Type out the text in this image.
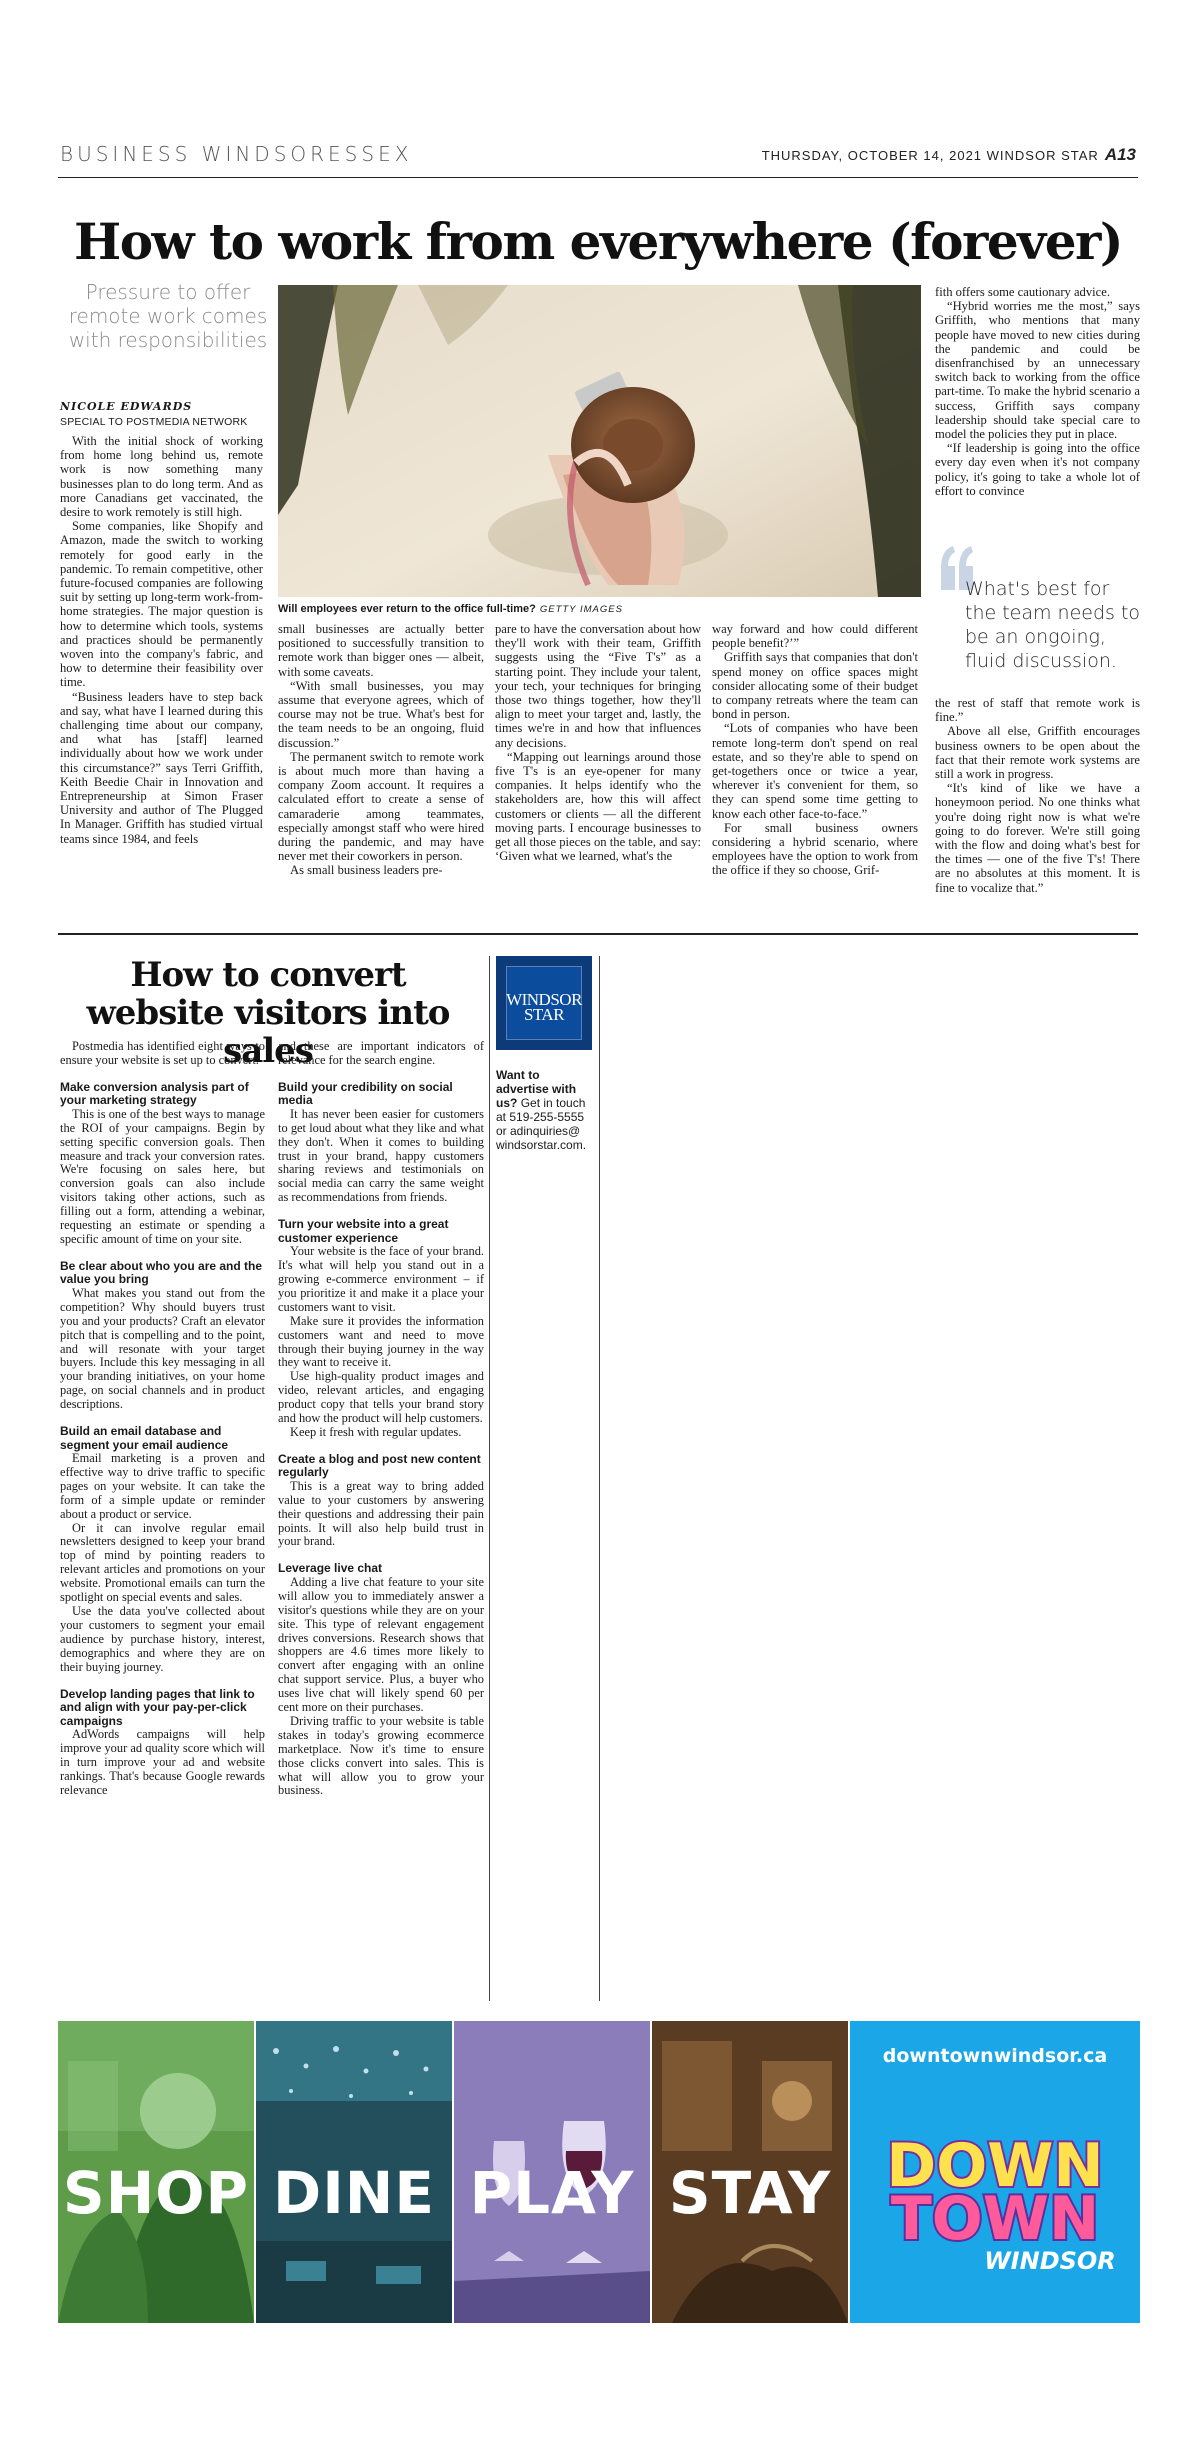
BUSINESS WINDSORESSEX	THURSDAY, OCTOBER 14, 2021 WINDSOR STAR A13
How to work from everywhere (forever)
Pressure to offer remote work comes with responsibilities
NICOLE EDWARDS
SPECIAL TO POSTMEDIA NETWORK

With the initial shock of working from home long behind us, remote work is now something many businesses plan to do long term. And as more Canadians get vaccinated, the desire to work remotely is still high.

Some companies, like Shopify and Amazon, made the switch to working remotely for good early in the pandemic. To remain competitive, other future-focused companies are following suit by setting up long-term work-from-home strategies. The major question is how to determine which tools, systems and practices should be permanently woven into the company's fabric, and how to determine their feasibility over time.

“Business leaders have to step back and say, what have I learned during this challenging time about our company, and what has [staff] learned individually about how we work under this circumstance?” says Terri Griffith, Keith Beedie Chair in Innovation and Entrepreneurship at Simon Fraser University and author of The Plugged In Manager. Griffith has studied virtual teams since 1984, and feels

Will employees ever return to the office full-time? GETTY IMAGES

small businesses are actually better positioned to successfully transition to remote work than bigger ones — albeit, with some caveats.

“With small businesses, you may assume that everyone agrees, which of course may not be true. What's best for the team needs to be an ongoing, fluid discussion.”

The permanent switch to remote work is about much more than having a company Zoom account. It requires a calculated effort to create a sense of camaraderie among teammates, especially amongst staff who were hired during the pandemic, and may have never met their coworkers in person.

As small business leaders pre-

pare to have the conversation about how they'll work with their team, Griffith suggests using the “Five T's” as a starting point. They include your talent, your tech, your techniques for bringing those two things together, how they'll align to meet your target and, lastly, the times we're in and how that influences any decisions.

“Mapping out learnings around those five T's is an eye-opener for many companies. It helps identify who the stakeholders are, how this will affect customers or clients — all the different moving parts. I encourage businesses to get all those pieces on the table, and say: ‘Given what we learned, what's the

way forward and how could different people benefit?’”

Griffith says that companies that don't spend money on office spaces might consider allocating some of their budget to company retreats where the team can bond in person.

“Lots of companies who have been remote long-term don't spend on real estate, and so they're able to spend on get-togethers once or twice a year, wherever it's convenient for them, so they can spend some time getting to know each other face-to-face.”

For small business owners considering a hybrid scenario, where employees have the option to work from the office if they so choose, Grif-

fith offers some cautionary advice.

“Hybrid worries me the most,” says Griffith, who mentions that many people have moved to new cities during the pandemic and could be disenfranchised by an unnecessary switch back to working from the office part-time. To make the hybrid scenario a success, Griffith says company leadership should take special care to model the policies they put in place.

“If leadership is going into the office every day even when it's not company policy, it's going to take a whole lot of effort to convince

What's best for the team needs to be an ongoing, fluid discussion.

the rest of staff that remote work is fine.”

Above all else, Griffith encourages business owners to be open about the fact that their remote work systems are still a work in progress.

“It's kind of like we have a honeymoon period. No one thinks what you're doing right now is what we're going to do forever. We're still going with the flow and doing what's best for the times — one of the five T's! There are no absolutes at this moment. It is fine to vocalize that.”

How to convert website visitors into sales

Postmedia has identified eight ways to ensure your website is set up to convert.

Make conversion analysis part of your marketing strategy

This is one of the best ways to manage the ROI of your campaigns. Begin by setting specific conversion goals. Then measure and track your conversion rates. We're focusing on sales here, but conversion goals can also include visitors taking other actions, such as filling out a form, attending a webinar, requesting an estimate or spending a specific amount of time on your site.

Be clear about who you are and the value you bring

What makes you stand out from the competition? Why should buyers trust you and your products? Craft an elevator pitch that is compelling and to the point, and will resonate with your target buyers. Include this key messaging in all your branding initiatives, on your home page, on social channels and in product descriptions.

Build an email database and segment your email audience

Email marketing is a proven and effective way to drive traffic to specific pages on your website. It can take the form of a simple update or reminder about a product or service.

Or it can involve regular email newsletters designed to keep your brand top of mind by pointing readers to relevant articles and promotions on your website. Promotional emails can turn the spotlight on special events and sales.

Use the data you've collected about your customers to segment your email audience by purchase history, interest, demographics and where they are on their buying journey.

Develop landing pages that link to and align with your pay-per-click campaigns

AdWords campaigns will help improve your ad quality score which will in turn improve your ad and website rankings. That's because Google rewards relevance

and these are important indicators of relevance for the search engine.

Build your credibility on social media

It has never been easier for customers to get loud about what they like and what they don't. When it comes to building trust in your brand, happy customers sharing reviews and testimonials on social media can carry the same weight as recommendations from friends.

Turn your website into a great customer experience

Your website is the face of your brand. It's what will help you stand out in a growing e-commerce environment – if you prioritize it and make it a place your customers want to visit.

Make sure it provides the information customers want and need to move through their buying journey in the way they want to receive it.

Use high-quality product images and video, relevant articles, and engaging product copy that tells your brand story and how the product will help customers.

Keep it fresh with regular updates.

Create a blog and post new content regularly

This is a great way to bring added value to your customers by answering their questions and addressing their pain points. It will also help build trust in your brand.

Leverage live chat

Adding a live chat feature to your site will allow you to immediately answer a visitor's questions while they are on your site. This type of relevant engagement drives conversions. Research shows that shoppers are 4.6 times more likely to convert after engaging with an online chat support service. Plus, a buyer who uses live chat will likely spend 60 per cent more on their purchases.

Driving traffic to your website is table stakes in today's growing ecommerce marketplace. Now it's time to ensure those clicks convert into sales. This is what will allow you to grow your business.

WINDSOR
STAR
Want to advertise with us? Get in touch at 519-255-5555 or adinquiries@ windsorstar.com.
SHOP DINE PLAY STAY
downtownwindsor.ca
DOWN
TOWN
WINDSOR
